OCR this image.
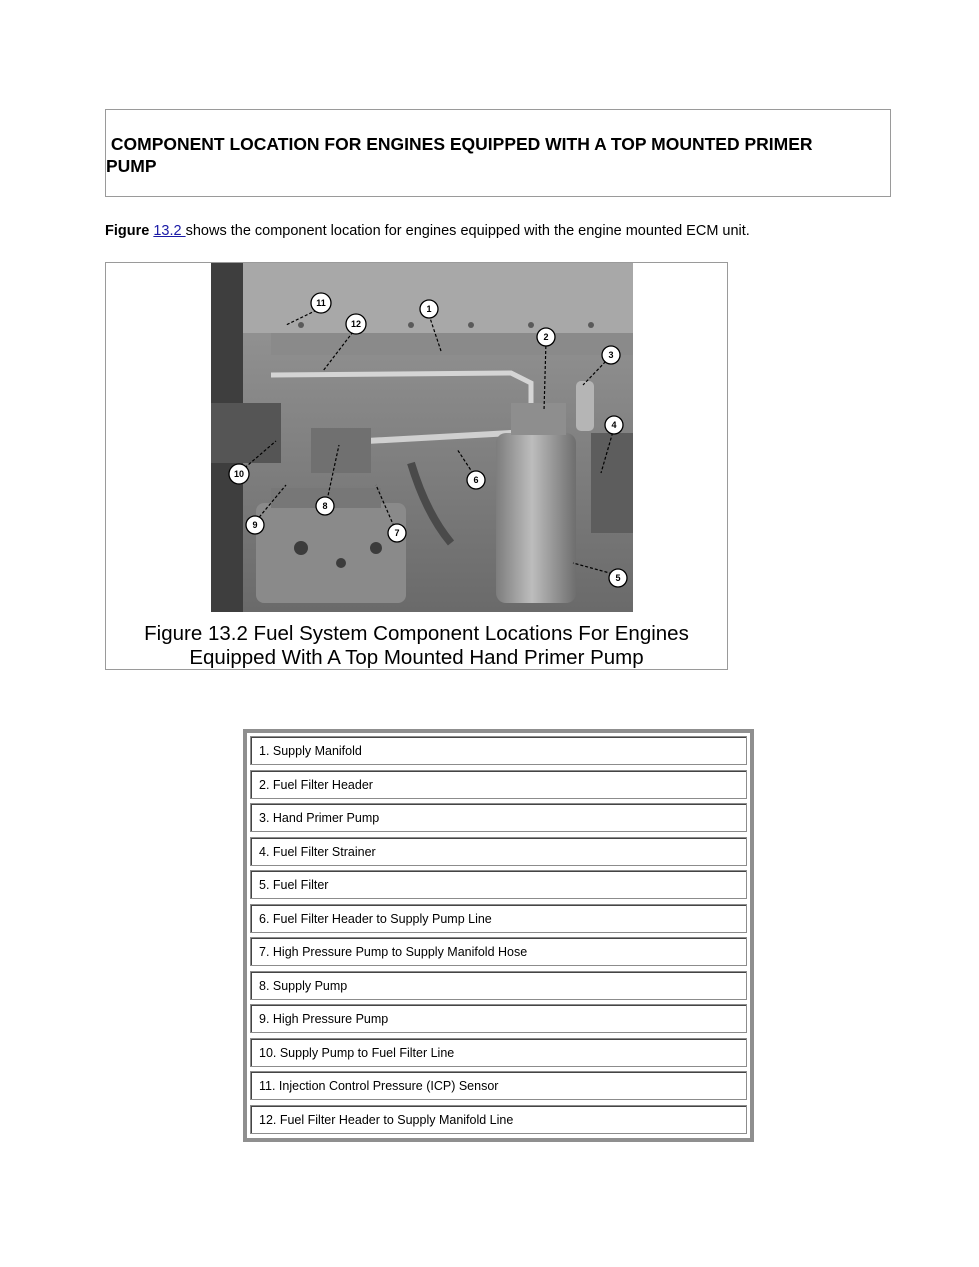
COMPONENT LOCATION FOR ENGINES EQUIPPED WITH A TOP MOUNTED PRIMER
PUMP
Figure 13.2 shows the component location for engines equipped with the engine mounted ECM unit.
1
2
3
4
5
6
7
8
9
10
11
12
Figure 13.2 Fuel System Component Locations For Engines
Equipped With A Top Mounted Hand Primer Pump
1. Supply Manifold
2. Fuel Filter Header
3. Hand Primer Pump
4. Fuel Filter Strainer
5. Fuel Filter
6. Fuel Filter Header to Supply Pump Line
7. High Pressure Pump to Supply Manifold Hose
8. Supply Pump
9. High Pressure Pump
10. Supply Pump to Fuel Filter Line
11. Injection Control Pressure (ICP) Sensor
12. Fuel Filter Header to Supply Manifold Line
